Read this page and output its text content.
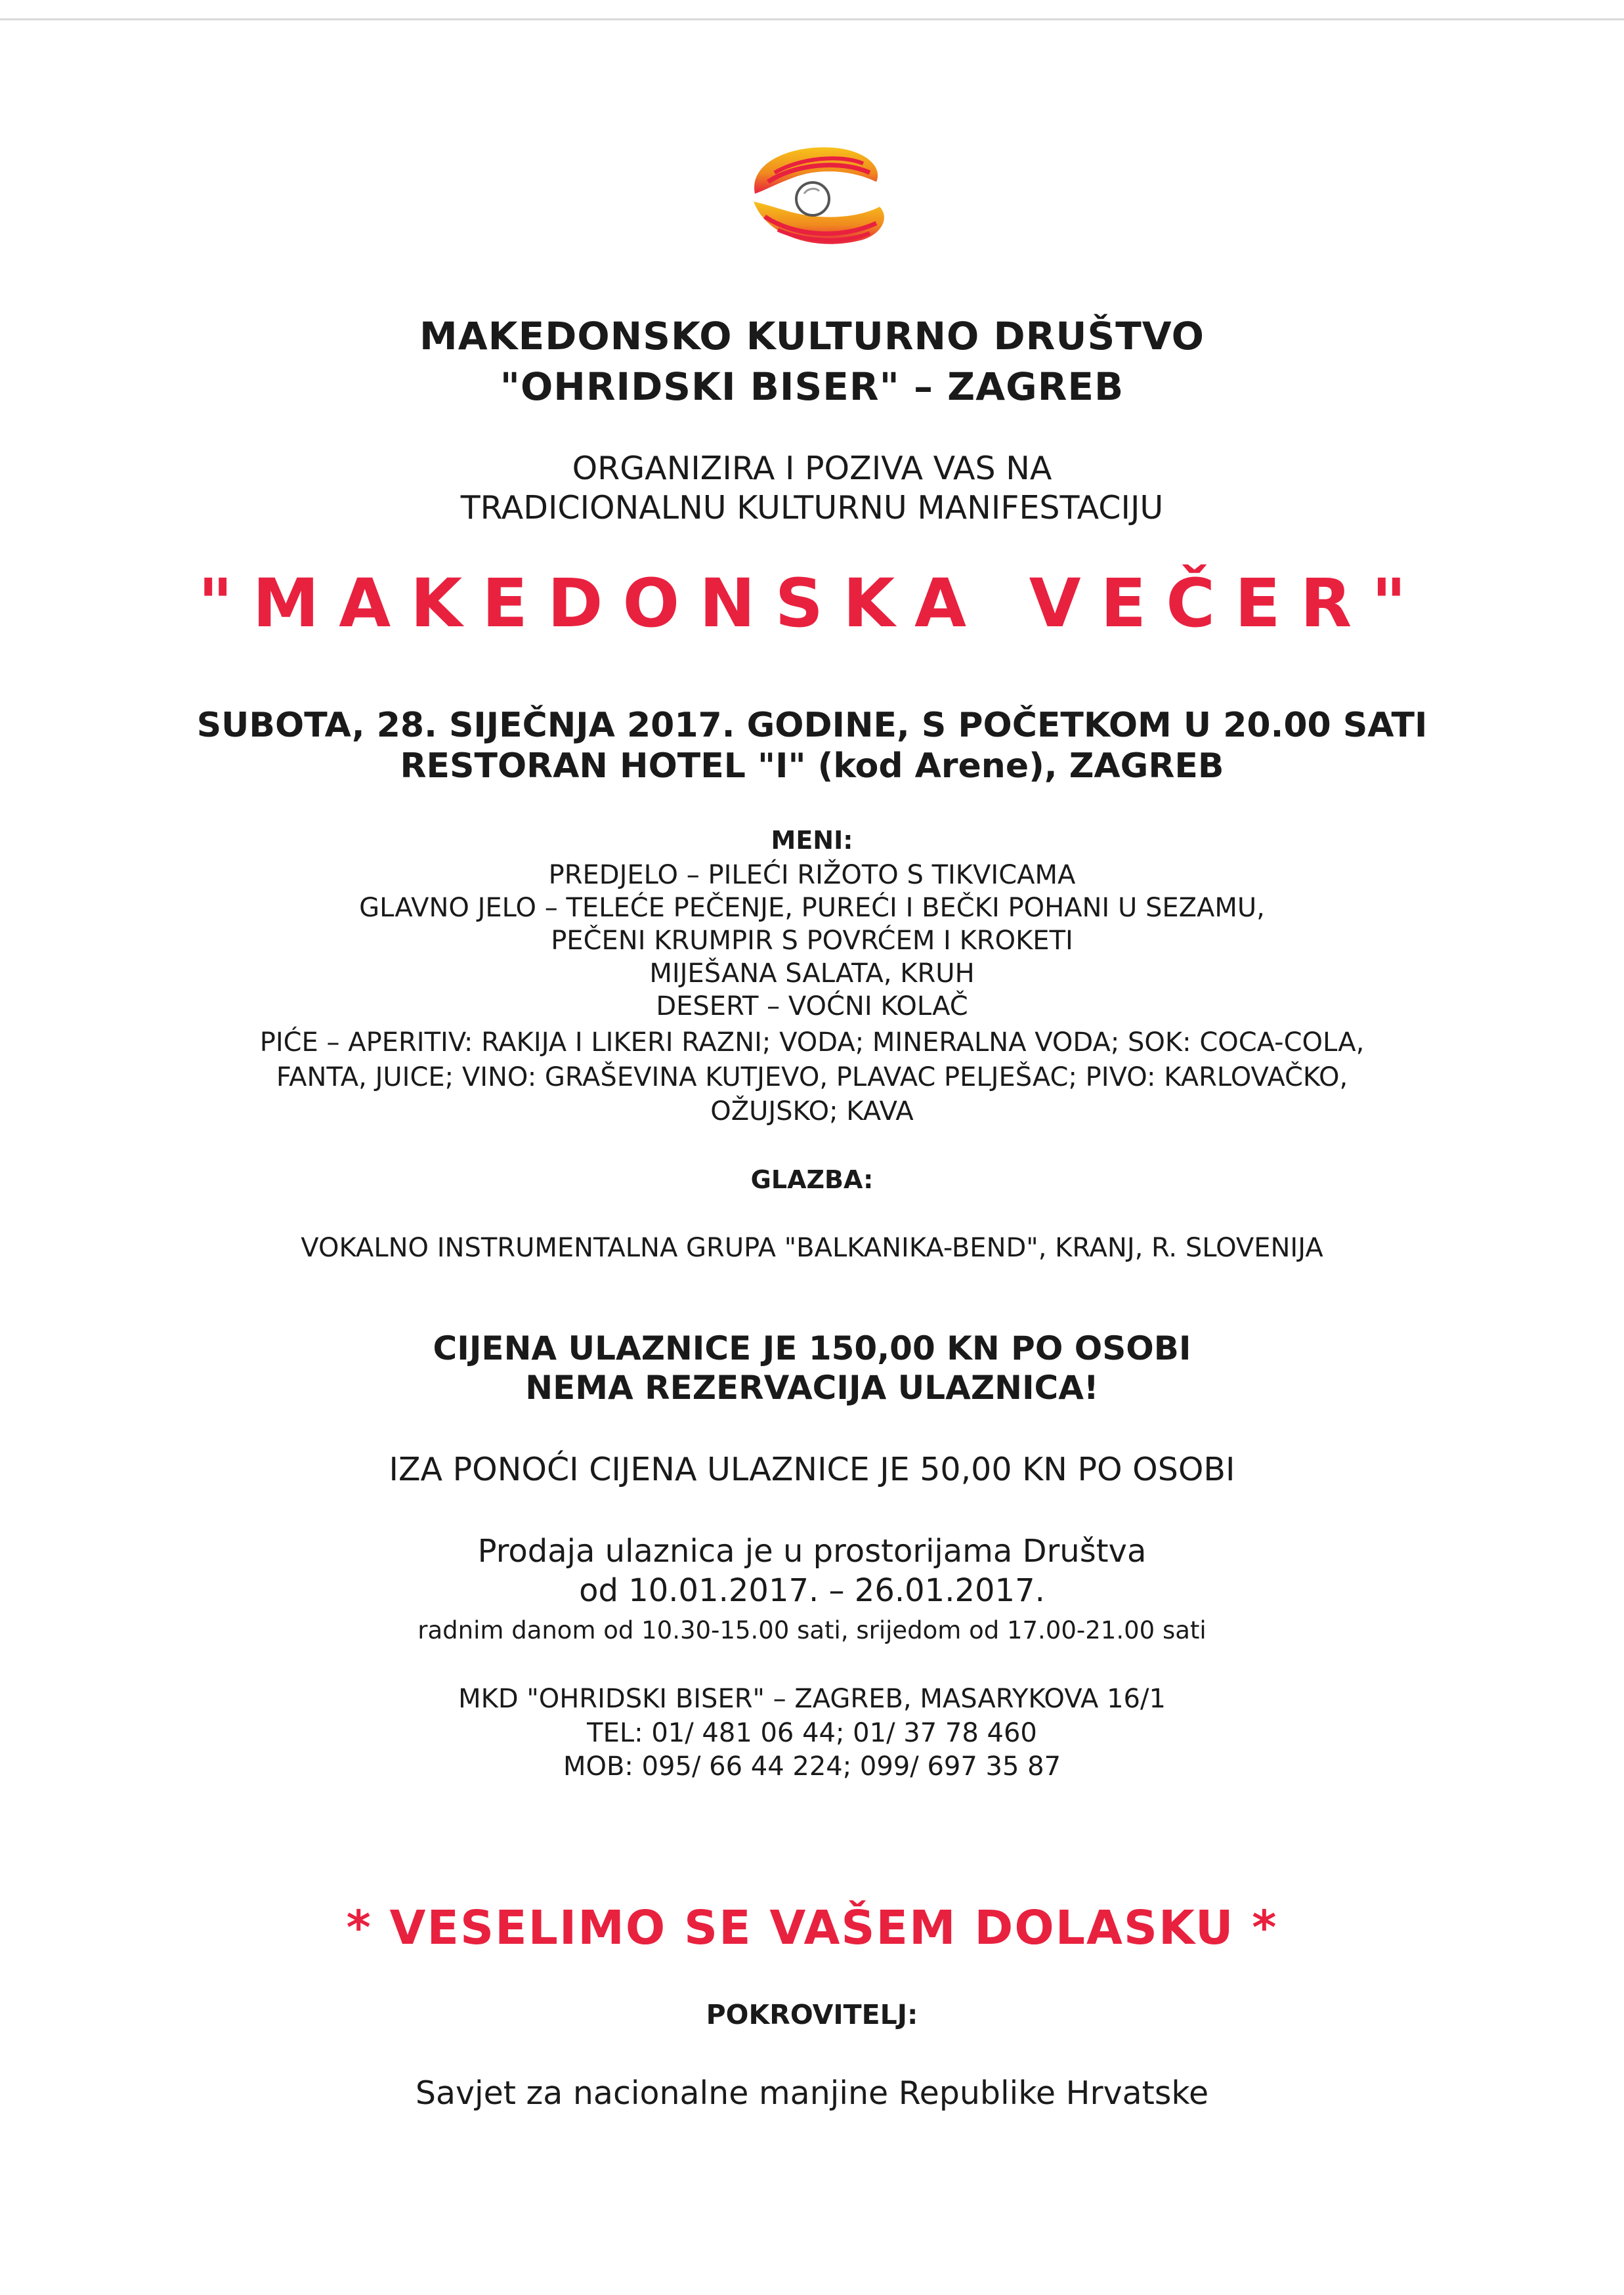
MAKEDONSKO KULTURNO DRUŠTVO

"OHRIDSKI BISER" – ZAGREB

ORGANIZIRA I POZIVA VAS NA

TRADICIONALNU KULTURNU MANIFESTACIJU

"MAKEDONSKA VEČER"

SUBOTA, 28. SIJEČNJA 2017. GODINE, S POČETKOM U 20.00 SATI

RESTORAN HOTEL "I" (kod Arene), ZAGREB

MENI:

PREDJELO – PILEĆI RIŽOTO S TIKVICAMA

GLAVNO JELO – TELEĆE PEČENJE, PUREĆI I BEČKI POHANI U SEZAMU,

PEČENI KRUMPIR S POVRĆEM I KROKETI

MIJEŠANA SALATA, KRUH

DESERT – VOĆNI KOLAČ

PIĆE – APERITIV: RAKIJA I LIKERI RAZNI; VODA; MINERALNA VODA; SOK: COCA-COLA,

FANTA, JUICE; VINO: GRAŠEVINA KUTJEVO, PLAVAC PELJEŠAC; PIVO: KARLOVAČKO,

OŽUJSKO; KAVA

GLAZBA:

VOKALNO INSTRUMENTALNA GRUPA "BALKANIKA-BEND", KRANJ, R. SLOVENIJA

CIJENA ULAZNICE JE 150,00 KN PO OSOBI

NEMA REZERVACIJA ULAZNICA!

IZA PONOĆI CIJENA ULAZNICE JE 50,00 KN PO OSOBI

Prodaja ulaznica je u prostorijama Društva

od 10.01.2017. – 26.01.2017.

radnim danom od 10.30-15.00 sati, srijedom od 17.00-21.00 sati

MKD "OHRIDSKI BISER" – ZAGREB, MASARYKOVA 16/1

TEL: 01/ 481 06 44; 01/ 37 78 460

MOB: 095/ 66 44 224; 099/ 697 35 87

* VESELIMO SE VAŠEM DOLASKU *

POKROVITELJ:

Savjet za nacionalne manjine Republike Hrvatske
